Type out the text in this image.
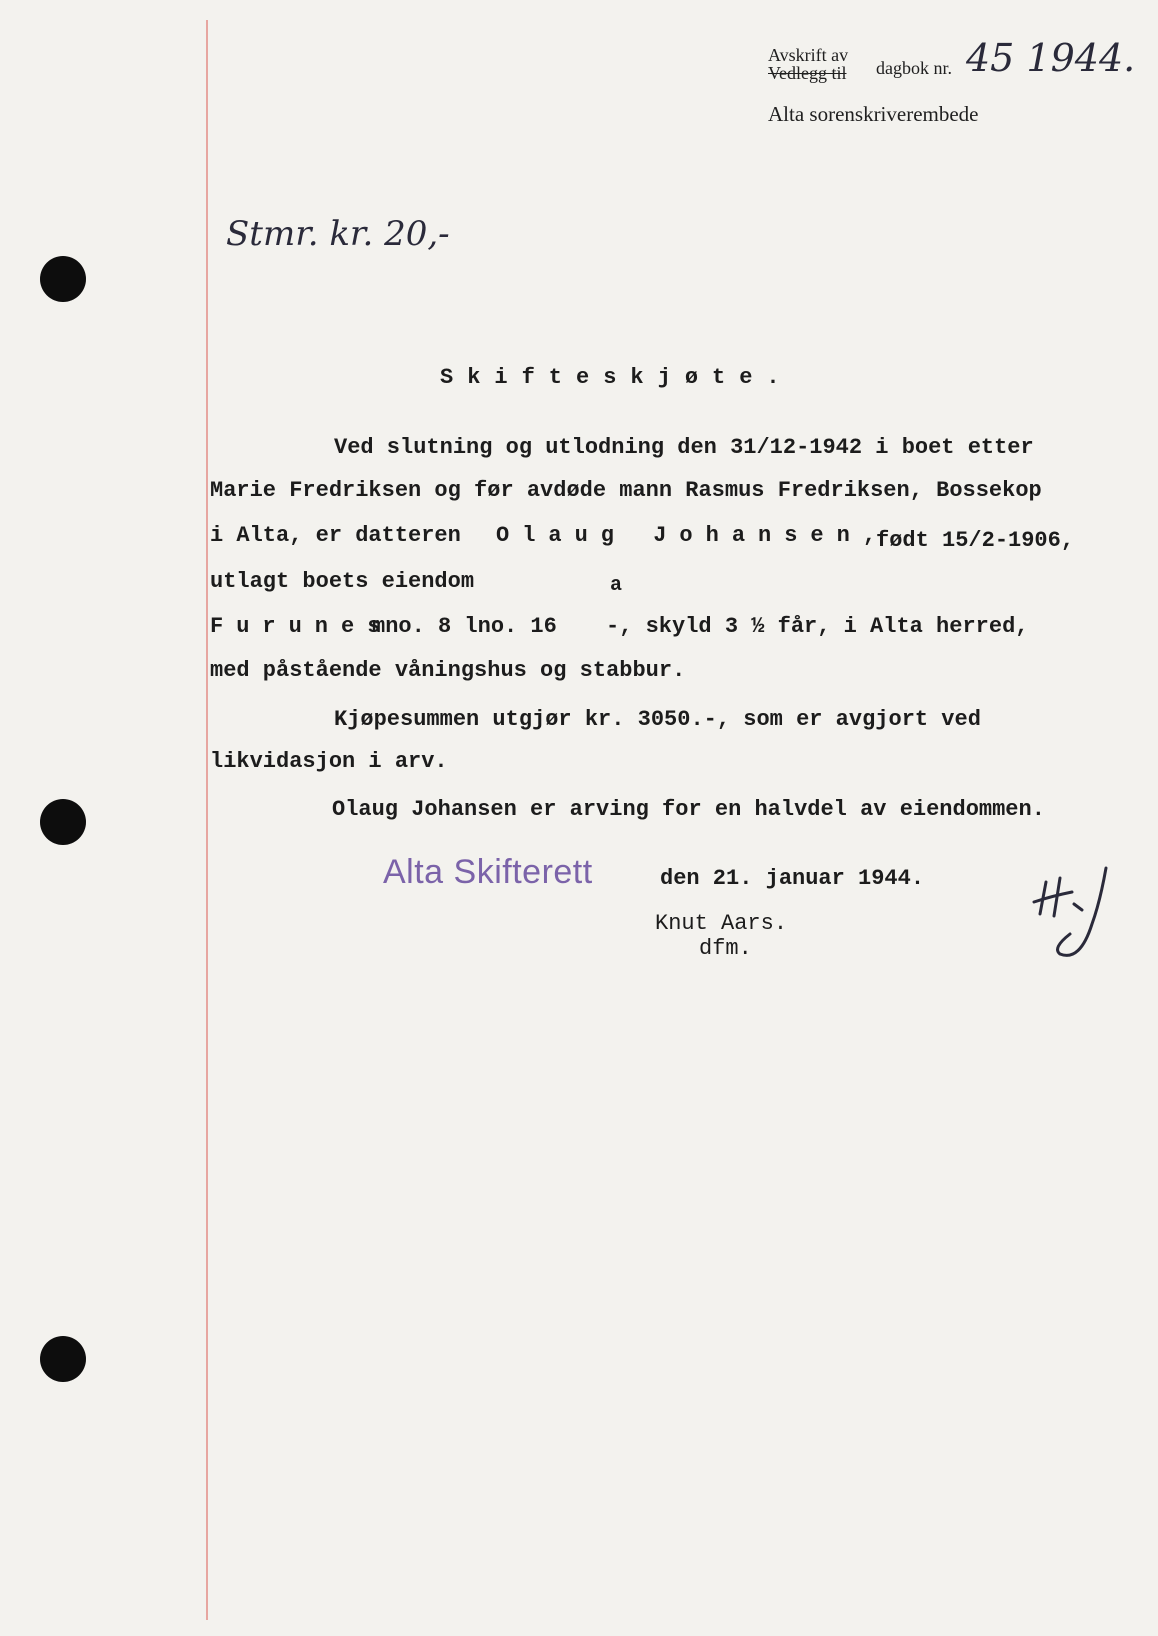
Avskrift av
Vedlegg til dagbok nr. 45 1944.
Alta sorenskriverembede
Stmr. kr. 20,-
Skifteskjøte.
Ved slutning og utlodning den 31/12-1942 i boet etter
Marie Fredriksen og før avdøde mann Rasmus Fredriksen, Bossekop
i Alta, er datteren Olaug Johansen,
født 15/2-1906,
utlagt boets eiendom
Furunes
mno. 8 lno. 16
a
-, skyld 3 ½ får, i Alta herred,
med påstående våningshus og stabbur.
Kjøpesummen utgjør kr. 3050.-, som er avgjort ved
likvidasjon i arv.
Olaug Johansen er arving for en halvdel av eiendommen.
Alta Skifterett	den 21. januar 1944.
Knut Aars.
dfm.
